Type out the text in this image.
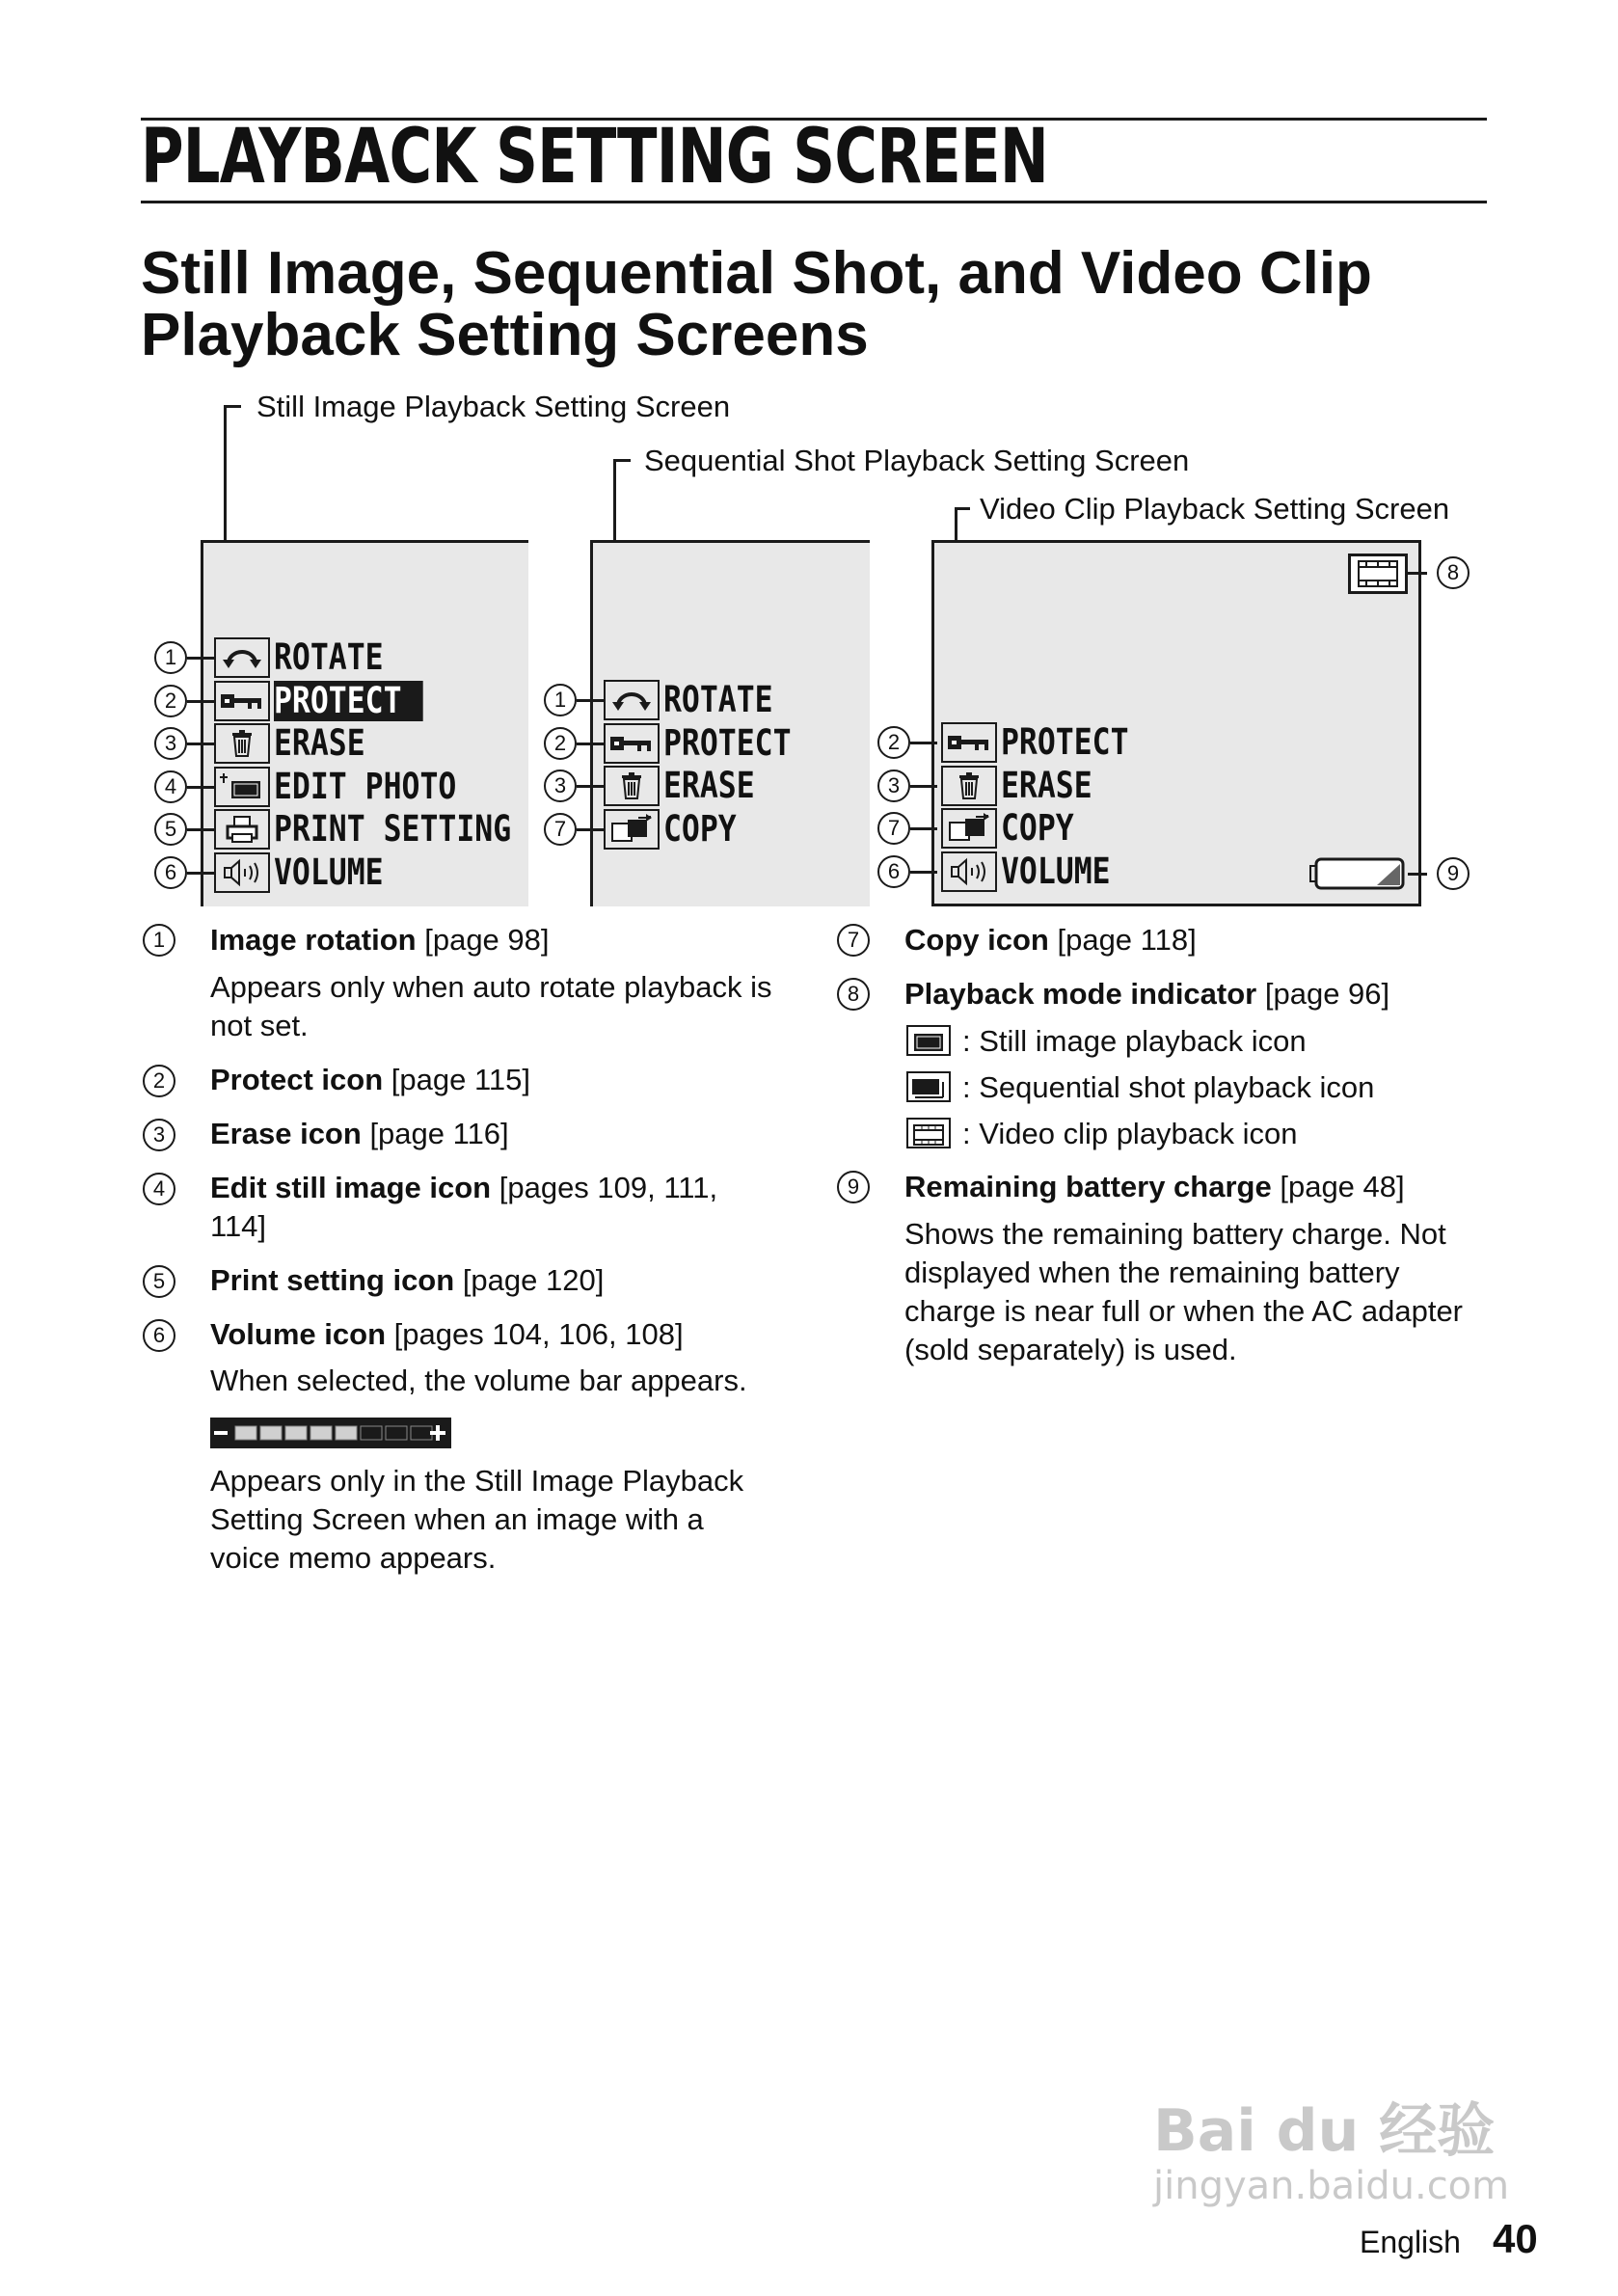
PLAYBACK SETTING SCREEN
Still Image, Sequential Shot, and Video Clip Playback Setting Screens
Still Image Playback Setting Screen
Sequential Shot Playback Setting Screen
Video Clip Playback Setting Screen
1	ROTATE
2	PROTECT
3	ERASE
4	EDIT PHOTO
5	PRINT SETTING
6	VOLUME
1	ROTATE
2	PROTECT
3	ERASE
7	COPY
2	PROTECT
3	ERASE
7	COPY
6	VOLUME
8
9
1	Image rotation [page 98]
Appears only when auto rotate playback is not set.
2	Protect icon [page 115]
3	Erase icon [page 116]
4	Edit still image icon [pages 109, 111, 114]
5	Print setting icon [page 120]
6	Volume icon [pages 104, 106, 108]
When selected, the volume bar appears.
Appears only in the Still Image Playback Setting Screen when an image with a voice memo appears.
7	Copy icon [page 118]
8	Playback mode indicator [page 96]
: Still image playback icon
: Sequential shot playback icon
: Video clip playback icon
9	Remaining battery charge [page 48]
Shows the remaining battery charge. Not displayed when the remaining battery charge is near full or when the AC adapter (sold separately) is used.
Bai du 经验
jingyan.baidu.com
English 40
